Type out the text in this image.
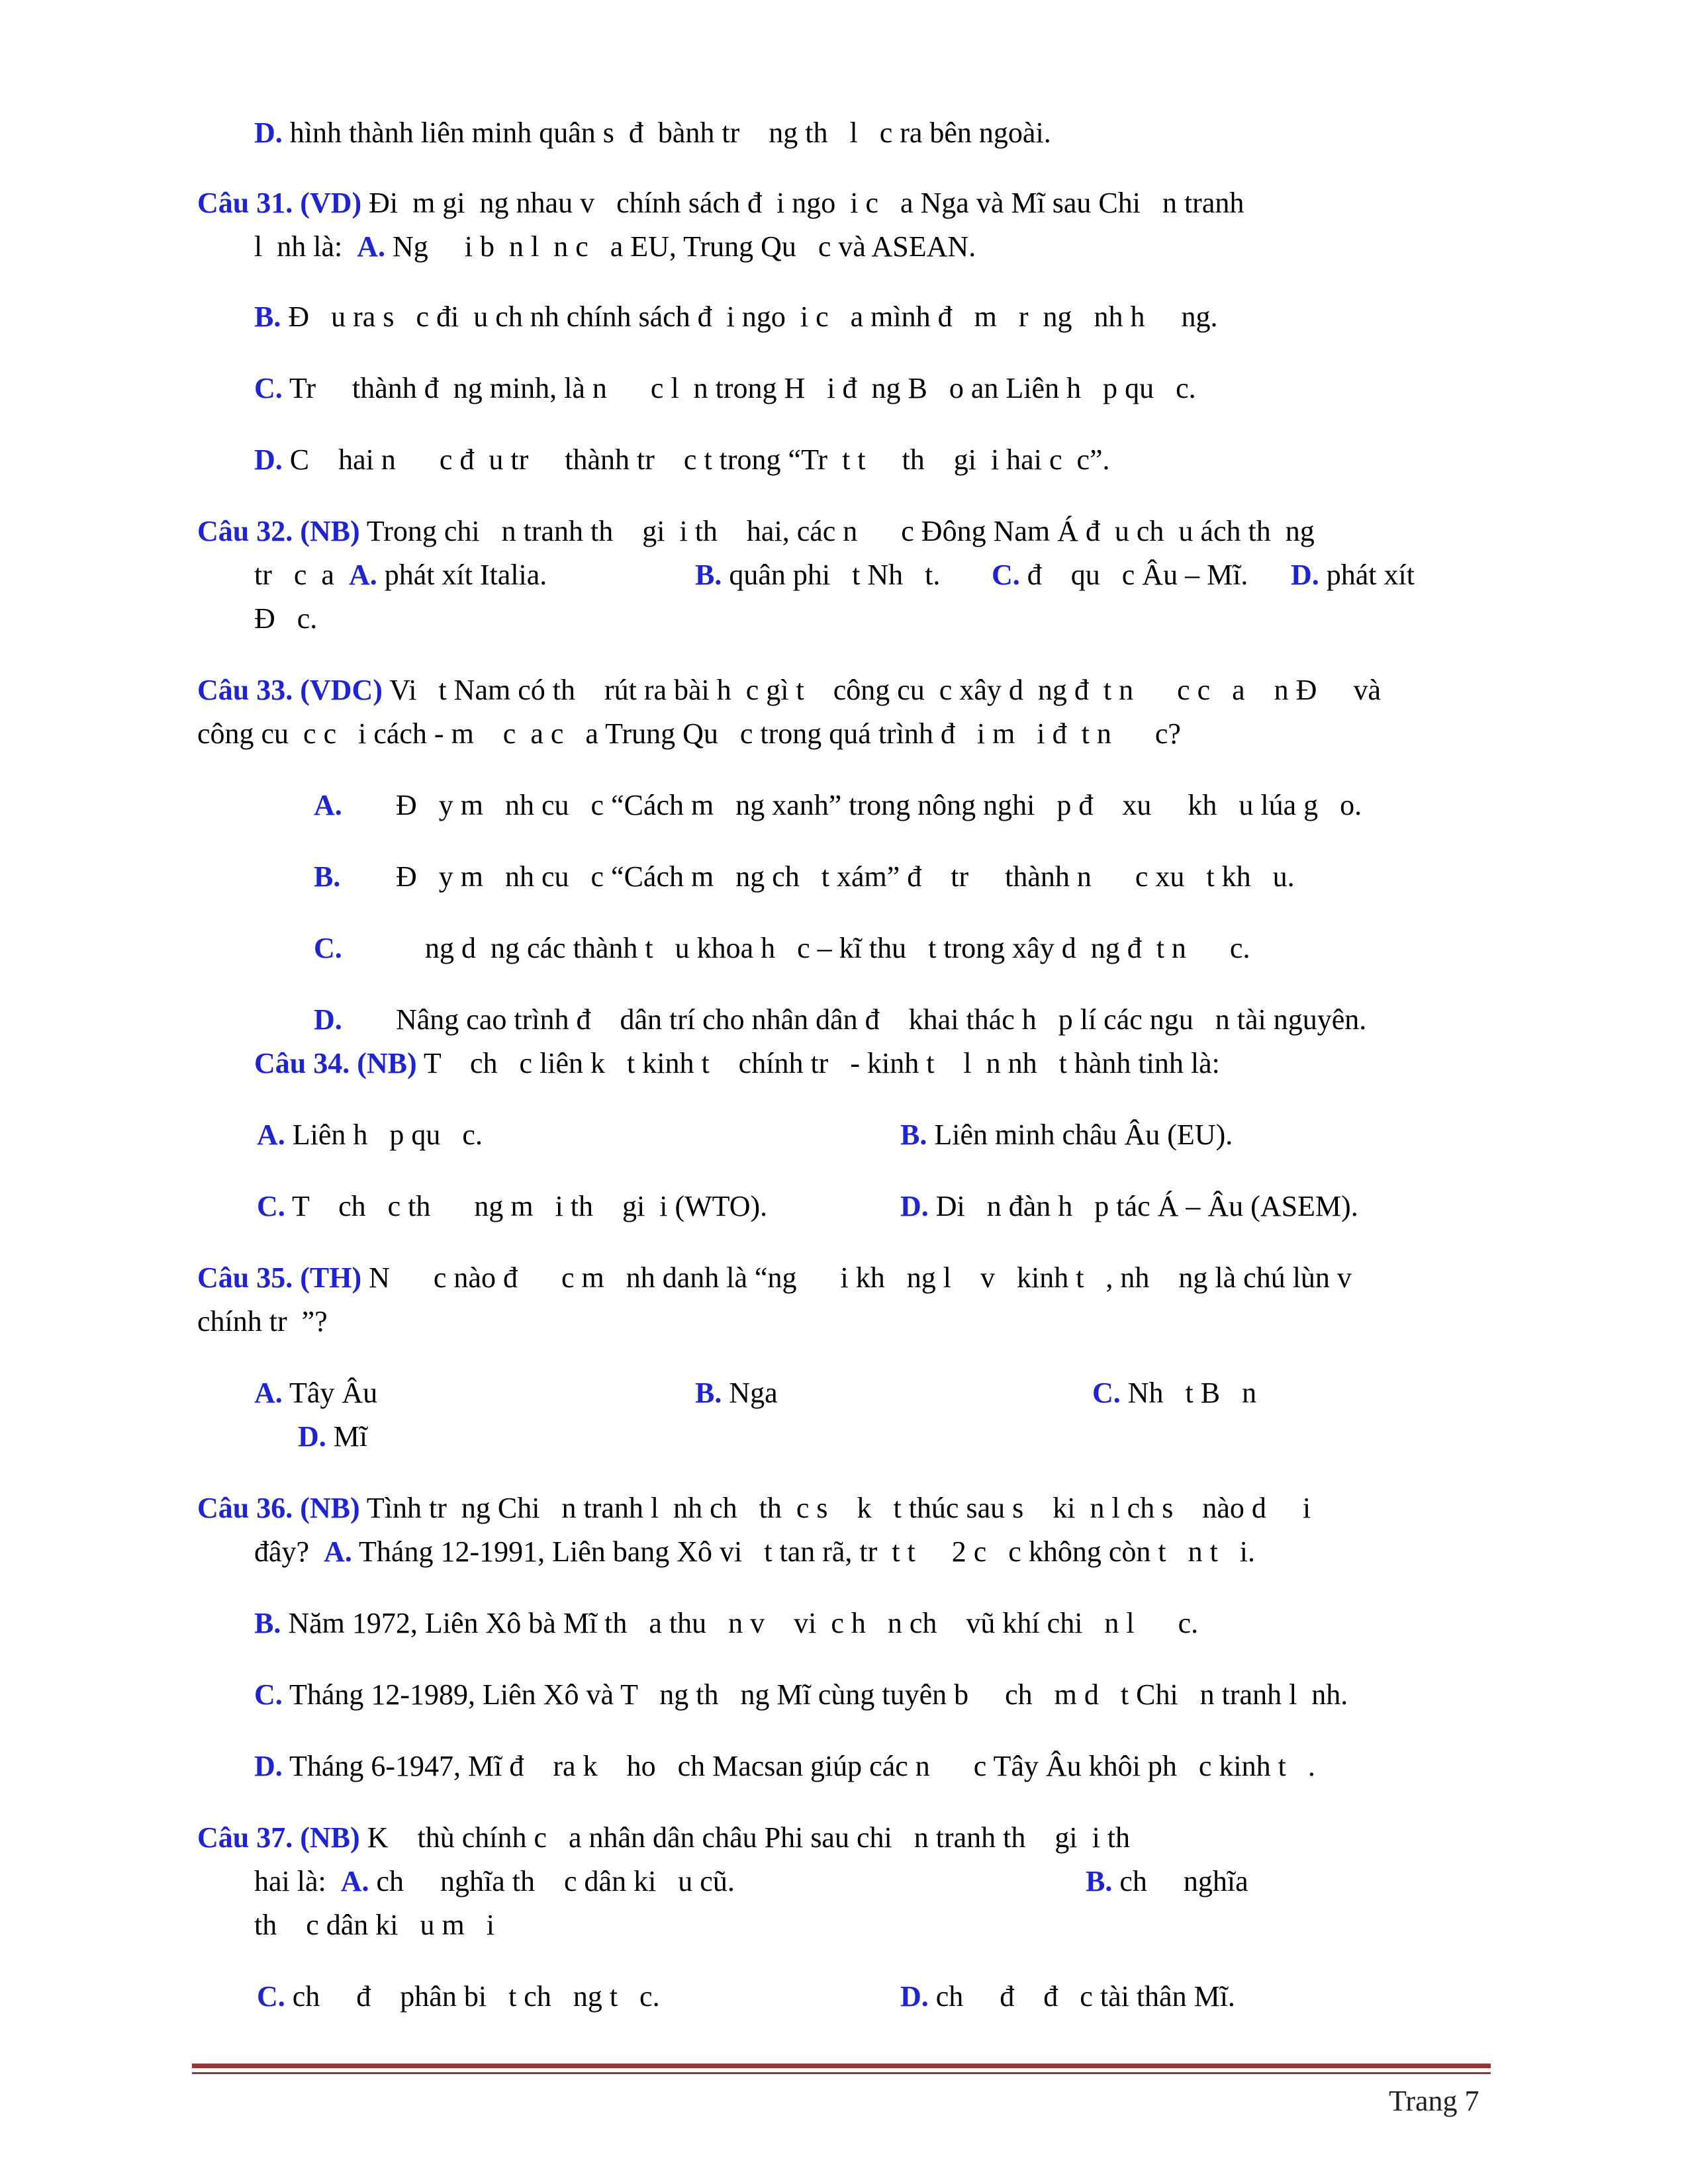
D. hình thành liên minh quân s  đ  bành tr    ng th   l   c ra bên ngoài.
Câu 31. (VD) Đi  m gi  ng nhau v   chính sách đ  i ngo  i c   a Nga và Mĩ sau Chi   n tranh
l  nh là:  A. Ng     i b  n l  n c   a EU, Trung Qu   c và ASEAN.
B. Đ   u ra s   c đi  u ch nh chính sách đ  i ngo  i c   a mình đ   m   r  ng   nh h     ng.
C. Tr     thành đ  ng minh, là n      c l  n trong H   i đ  ng B   o an Liên h   p qu   c.
D. C    hai n      c đ  u tr     thành tr    c t trong “Tr  t t     th    gi  i hai c  c”.
Câu 32. (NB) Trong chi   n tranh th    gi  i th    hai, các n      c Đông Nam Á đ  u ch  u ách th  ng
tr   c  a  A. phát xít Italia.	B. quân phi   t Nh   t. C. đ    qu   c Âu – Mĩ. D. phát xít
Đ   c.
Câu 33. (VDC) Vi   t Nam có th    rút ra bài h  c gì t    công cu  c xây d  ng đ  t n      c c   a    n Đ     và
công cu  c c   i cách - m    c  a c   a Trung Qu   c trong quá trình đ   i m   i đ  t n      c?
A. Đ   y m   nh cu   c “Cách m   ng xanh” trong nông nghi   p đ    xu     kh   u lúa g   o.
B. Đ   y m   nh cu   c “Cách m   ng ch   t xám” đ    tr     thành n      c xu   t kh   u.
C.    ng d  ng các thành t   u khoa h   c – kĩ thu   t trong xây d  ng đ  t n      c.
D. Nâng cao trình đ    dân trí cho nhân dân đ    khai thác h   p lí các ngu   n tài nguyên.
Câu 34. (NB) T    ch   c liên k   t kinh t    chính tr   - kinh t    l  n nh   t hành tinh là:
A. Liên h   p qu   c.	B. Liên minh châu Âu (EU).
C. T    ch   c th      ng m   i th    gi  i (WTO).	D. Di   n đàn h   p tác Á – Âu (ASEM).
Câu 35. (TH) N      c nào đ      c m   nh danh là “ng      i kh   ng l    v   kinh t   , nh    ng là chú lùn v
chính tr  ”?
A. Tây Âu	B. Nga	C. Nh   t B   n
D. Mĩ
Câu 36. (NB) Tình tr  ng Chi   n tranh l  nh ch   th  c s    k   t thúc sau s    ki  n l ch s    nào d     i
đây?  A. Tháng 12-1991, Liên bang Xô vi   t tan rã, tr  t t     2 c   c không còn t   n t   i.
B. Năm 1972, Liên Xô bà Mĩ th   a thu   n v    vi  c h   n ch    vũ khí chi   n l      c.
C. Tháng 12-1989, Liên Xô và T   ng th   ng Mĩ cùng tuyên b     ch   m d   t Chi   n tranh l  nh.
D. Tháng 6-1947, Mĩ đ    ra k    ho   ch Macsan giúp các n      c Tây Âu khôi ph   c kinh t   .
Câu 37. (NB) K    thù chính c   a nhân dân châu Phi sau chi   n tranh th    gi  i th
hai là:  A. ch     nghĩa th    c dân ki   u cũ.	B. ch     nghĩa
th    c dân ki   u m   i
C. ch     đ    phân bi   t ch   ng t   c.	D. ch     đ    đ   c tài thân Mĩ.
Trang 7
